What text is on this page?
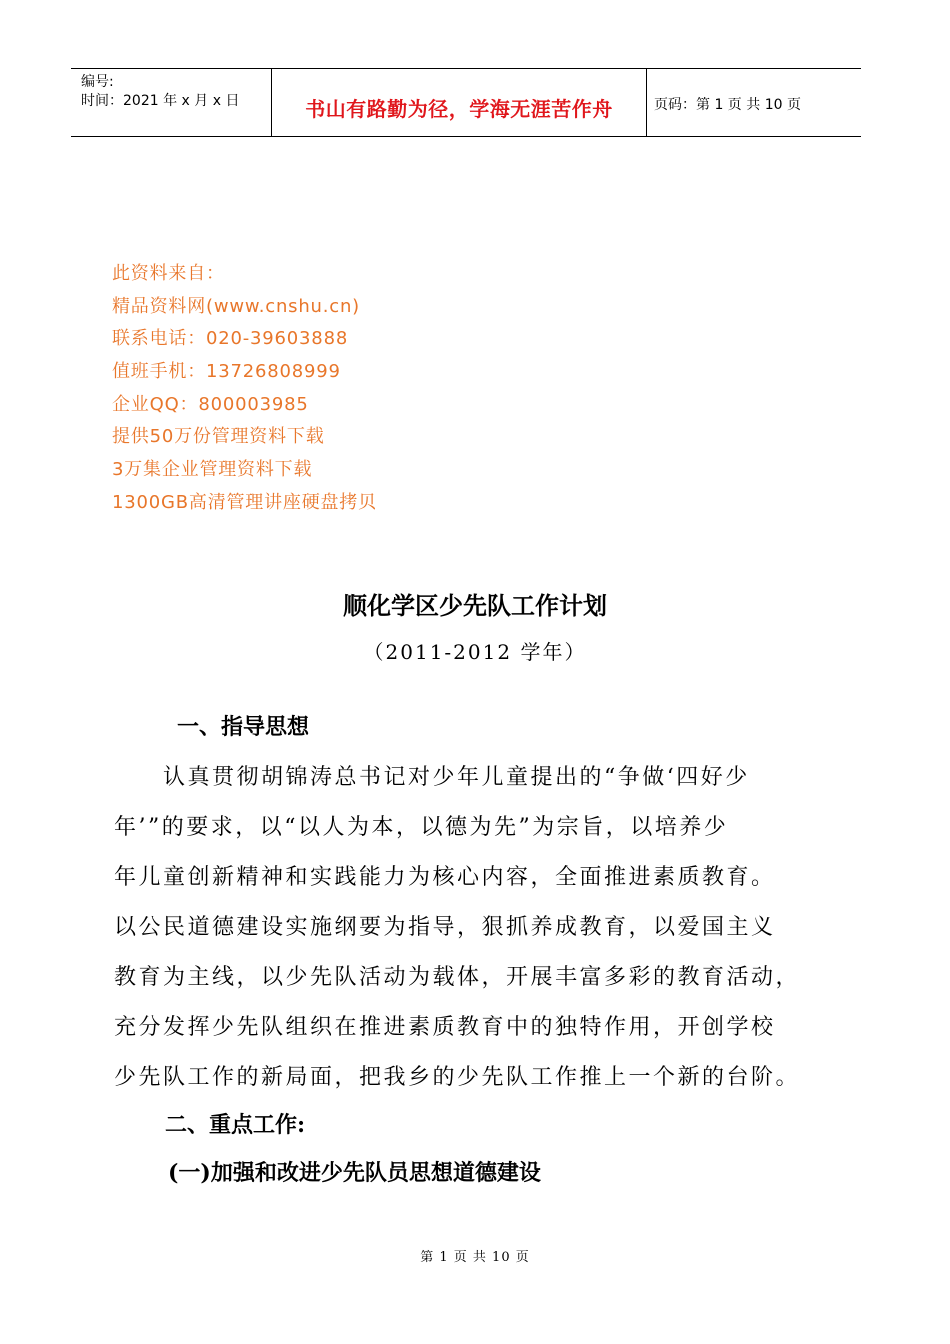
编号:
时间：2021 年 x 月 x 日	书山有路勤为径，学海无涯苦作舟	页码：第 1 页 共 10 页
此资料来自：
精品资料网(www.cnshu.cn)
联系电话：020-39603888
值班手机：13726808999
企业QQ：800003985
提供50万份管理资料下载
3万集企业管理资料下载
1300GB高清管理讲座硬盘拷贝
顺化学区少先队工作计划
（2011-2012 学年）
一、指导思想
　　认真贯彻胡锦涛总书记对少年儿童提出的“争做‘四好少
年’”的要求，以“以人为本，以德为先”为宗旨，以培养少
年儿童创新精神和实践能力为核心内容，全面推进素质教育。
以公民道德建设实施纲要为指导，狠抓养成教育，以爱国主义
教育为主线，以少先队活动为载体，开展丰富多彩的教育活动，
充分发挥少先队组织在推进素质教育中的独特作用，开创学校
少先队工作的新局面，把我乡的少先队工作推上一个新的台阶。
二、重点工作:
(一)加强和改进少先队员思想道德建设
第 1 页 共 10 页
